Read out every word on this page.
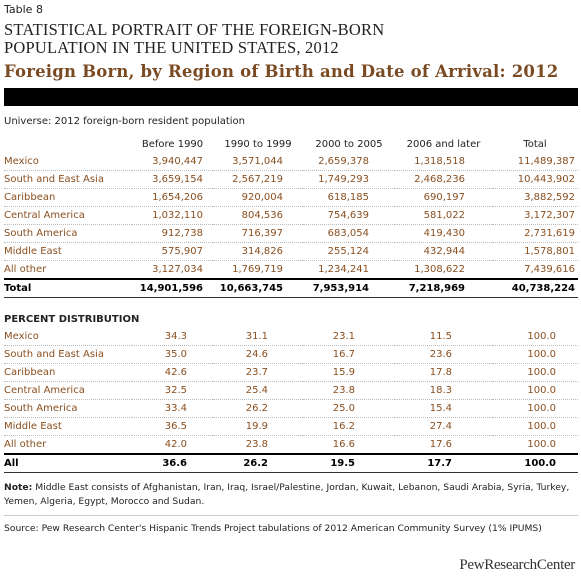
Table 8
STATISTICAL PORTRAIT OF THE FOREIGN-BORN
POPULATION IN THE UNITED STATES, 2012
Foreign Born, by Region of Birth and Date of Arrival: 2012
Universe: 2012 foreign-born resident population
	Before 1990	1990 to 1999	2000 to 2005	2006 and later	Total
Mexico	3,940,447	3,571,044	2,659,378	1,318,518	11,489,387
South and East Asia	3,659,154	2,567,219	1,749,293	2,468,236	10,443,902
Caribbean	1,654,206	920,004	618,185	690,197	3,882,592
Central America	1,032,110	804,536	754,639	581,022	3,172,307
South America	912,738	716,397	683,054	419,430	2,731,619
Middle East	575,907	314,826	255,124	432,944	1,578,801
All other	3,127,034	1,769,719	1,234,241	1,308,622	7,439,616
Total	14,901,596	10,663,745	7,953,914	7,218,969	40,738,224
PERCENT DISTRIBUTION
Mexico	34.3	31.1	23.1	11.5	100.0
South and East Asia	35.0	24.6	16.7	23.6	100.0
Caribbean	42.6	23.7	15.9	17.8	100.0
Central America	32.5	25.4	23.8	18.3	100.0
South America	33.4	26.2	25.0	15.4	100.0
Middle East	36.5	19.9	16.2	27.4	100.0
All other	42.0	23.8	16.6	17.6	100.0
All	36.6	26.2	19.5	17.7	100.0
Note: Middle East consists of Afghanistan, Iran, Iraq, Israel/Palestine, Jordan, Kuwait, Lebanon, Saudi Arabia, Syria, Turkey, Yemen, Algeria, Egypt, Morocco and Sudan.
Source: Pew Research Center's Hispanic Trends Project tabulations of 2012 American Community Survey (1% IPUMS)
PewResearchCenter
